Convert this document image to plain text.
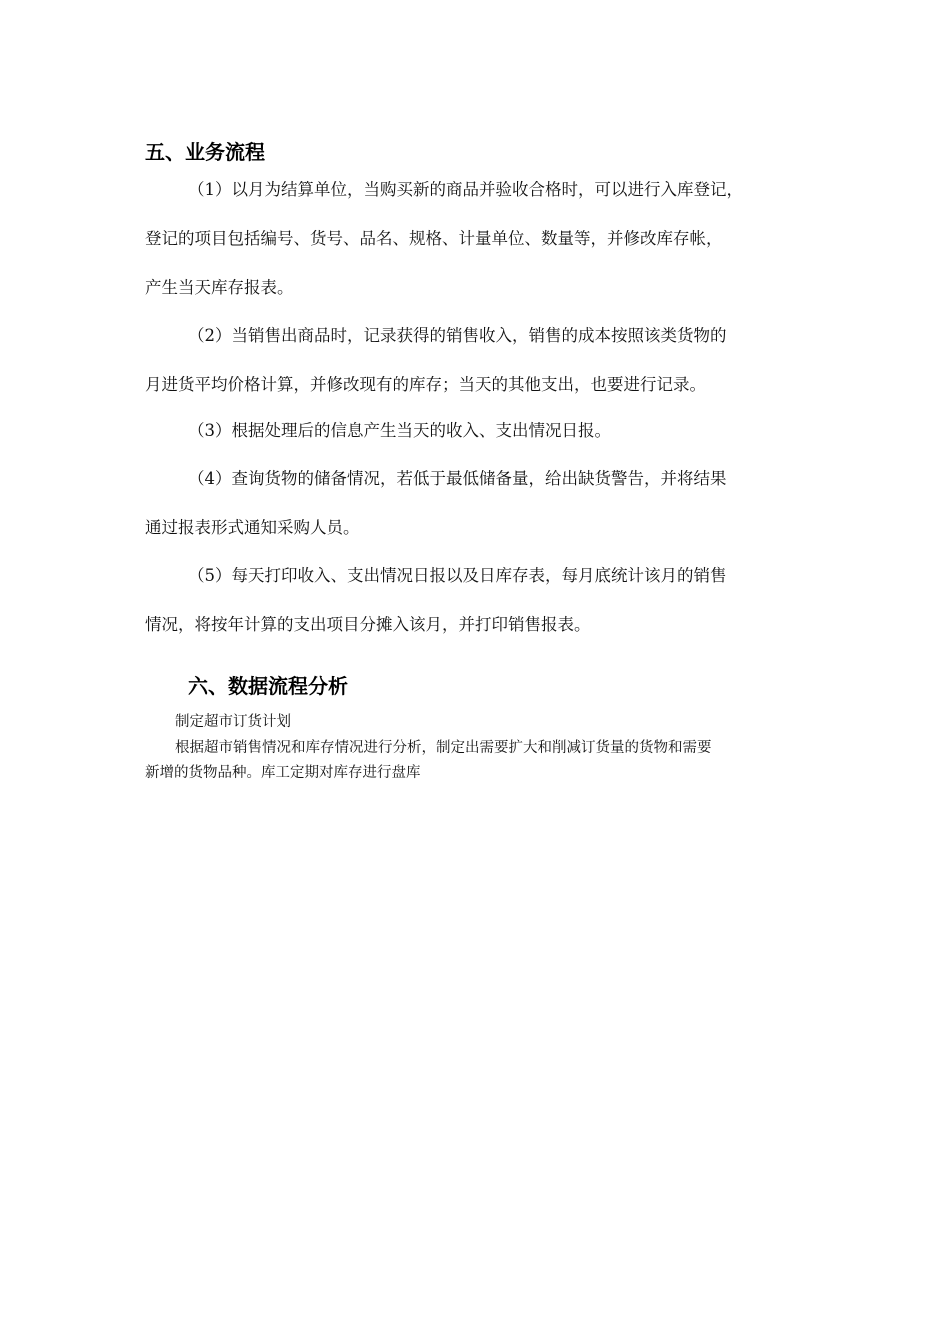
五、业务流程
（1）以月为结算单位，当购买新的商品并验收合格时，可以进行入库登记，
登记的项目包括编号、货号、品名、规格、计量单位、数量等，并修改库存帐，
产生当天库存报表。
（2）当销售出商品时，记录获得的销售收入，销售的成本按照该类货物的
月进货平均价格计算，并修改现有的库存；当天的其他支出，也要进行记录。
（3）根据处理后的信息产生当天的收入、支出情况日报。
（4）查询货物的储备情况，若低于最低储备量，给出缺货警告，并将结果
通过报表形式通知采购人员。
（5）每天打印收入、支出情况日报以及日库存表，每月底统计该月的销售
情况，将按年计算的支出项目分摊入该月，并打印销售报表。
六、数据流程分析
制定超市订货计划
根据超市销售情况和库存情况进行分析，制定出需要扩大和削减订货量的货物和需要
新增的货物品种。库工定期对库存进行盘库
